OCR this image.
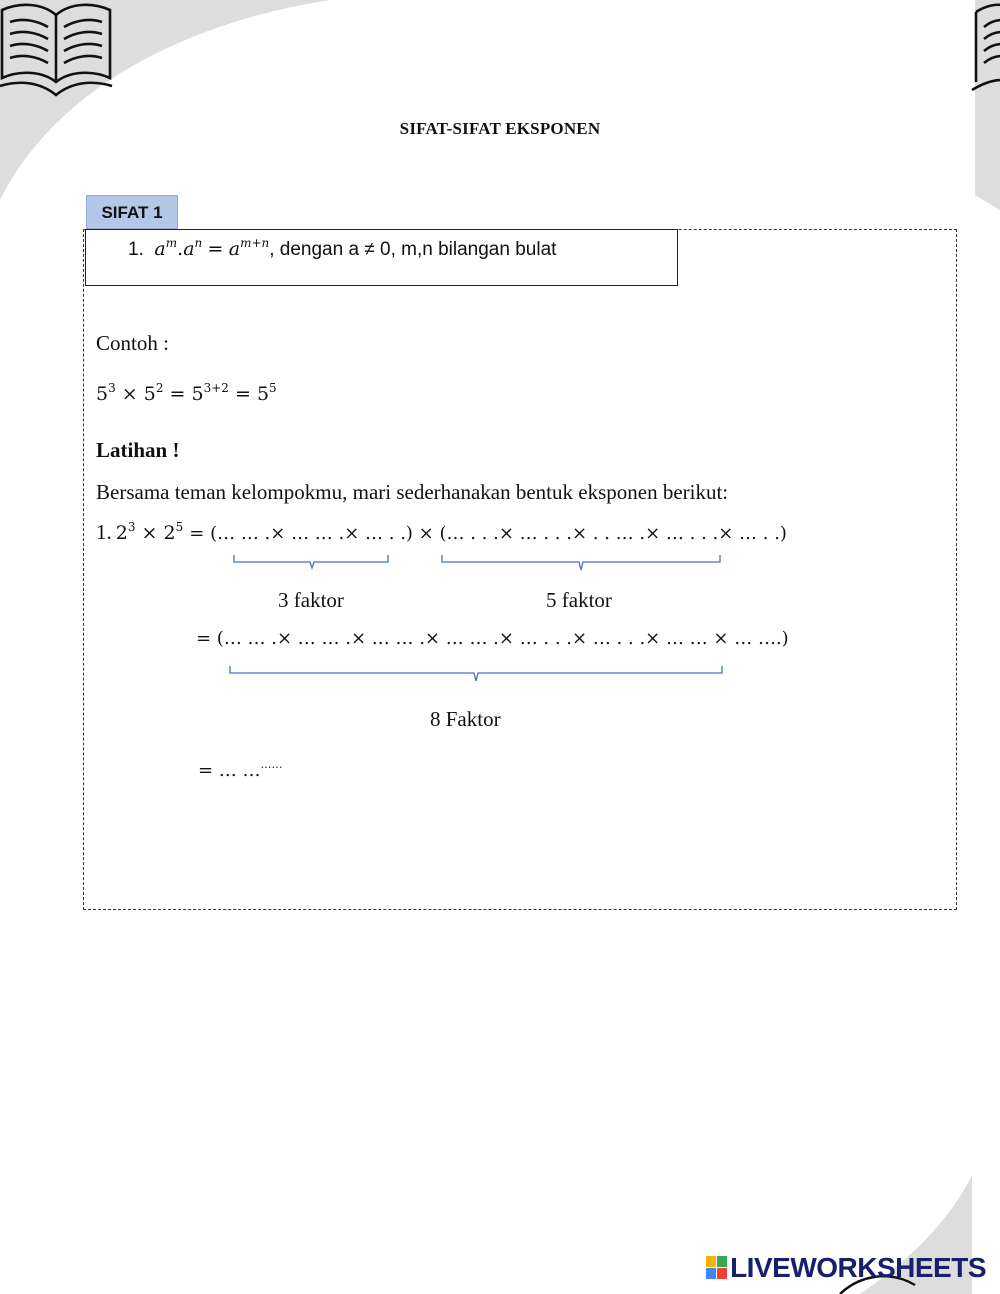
SIFAT-SIFAT EKSPONEN
SIFAT 1
1. $a^m.a^n = a^{m+n}$, dengan a ≠ 0, m,n bilangan bulat
Contoh :
$5^3 \times 5^2 = 5^{3+2} = 5^5$
Latihan !
Bersama teman kelompokmu, mari sederhanakan bentuk eksponen berikut:
1. $2^3 \times 2^5$ = (… … .× … … .× … . .) × (… . . .× … . . .× . . … .× … . . .× … . .)
3 faktor	5 faktor
= (… … .× … … .× … … .× … … .× … . . .× … . . .× … … × … ….)
8 Faktor
= … ………
LIVEWORKSHEETS
